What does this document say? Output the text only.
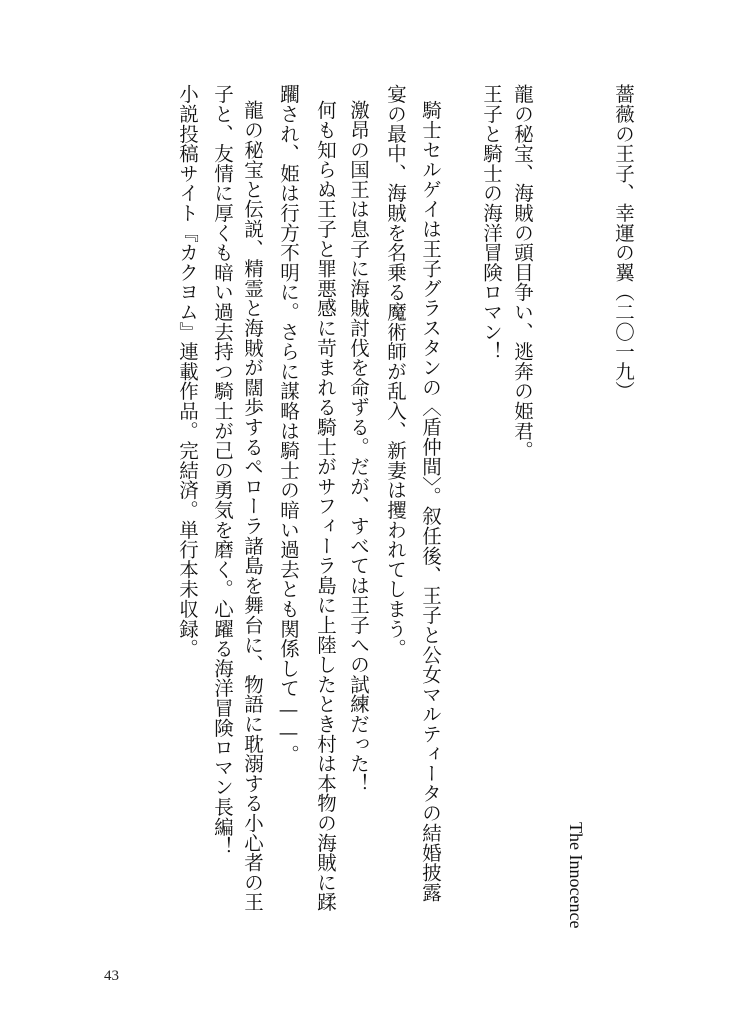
薔薇の王子、幸運の翼（二〇一九）
龍の秘宝、海賊の頭目争い、逃奔の姫君。
王子と騎士の海洋冒険ロマン！
騎士セルゲイは王子グラスタンの〈盾仲間〉。叙任後、王子と公女マルティータの結婚披露
宴の最中、海賊を名乗る魔術師が乱入、新妻は攫われてしまう。
激昂の国王は息子に海賊討伐を命ずる。だが、すべては王子への試練だった！
何も知らぬ王子と罪悪感に苛まれる騎士がサフィーラ島に上陸したとき村は本物の海賊に蹂
躙され、姫は行方不明に。さらに謀略は騎士の暗い過去とも関係して——。
龍の秘宝と伝説、精霊と海賊が闊歩するペローラ諸島を舞台に、物語に耽溺する小心者の王
子と、友情に厚くも暗い過去持つ騎士が己の勇気を磨く。心躍る海洋冒険ロマン長編！
小説投稿サイト『カクヨム』連載作品。完結済。単行本未収録。
The Innocence
43
